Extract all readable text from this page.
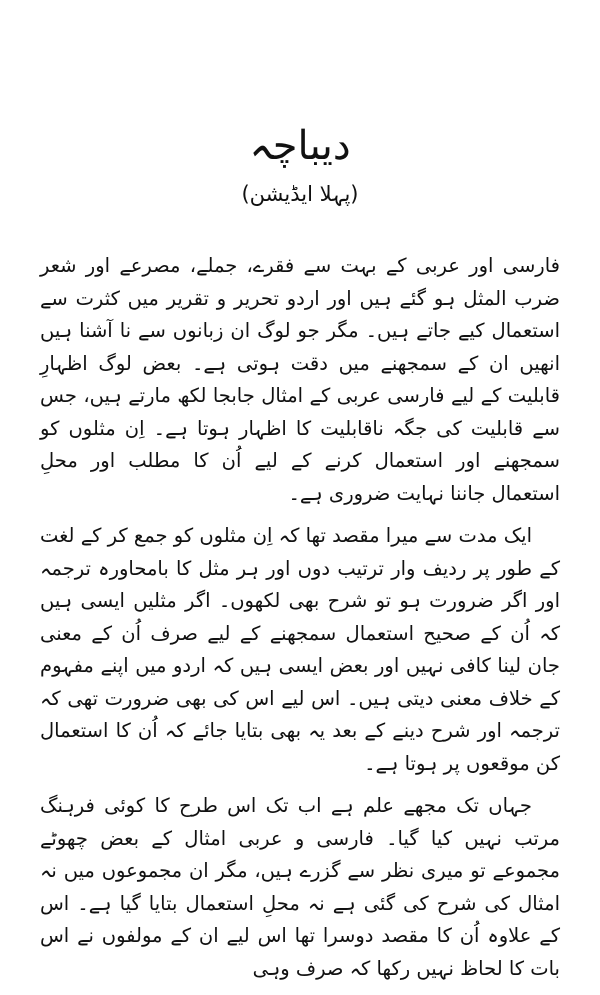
دیباچہ
(پہلا ایڈیشن)

فارسی اور عربی کے بہت سے فقرے، جملے، مصرعے اور شعر ضرب المثل ہو گئے ہیں اور اردو تحریر و تقریر میں کثرت سے استعمال کیے جاتے ہیں۔ مگر جو لوگ ان زبانوں سے نا آشنا ہیں انھیں ان کے سمجھنے میں دقت ہوتی ہے۔ بعض لوگ اظہارِ قابلیت کے لیے فارسی عربی کے امثال جابجا لکھ مارتے ہیں، جس سے قابلیت کی جگہ ناقابلیت کا اظہار ہوتا ہے۔ اِن مثلوں کو سمجھنے اور استعمال کرنے کے لیے اُن کا مطلب اور محلِ استعمال جاننا نہایت ضروری ہے۔

ایک مدت سے میرا مقصد تھا کہ اِن مثلوں کو جمع کر کے لغت کے طور پر ردیف وار ترتیب دوں اور ہر مثل کا بامحاورہ ترجمہ اور اگر ضرورت ہو تو شرح بھی لکھوں۔ اگر مثلیں ایسی ہیں کہ اُن کے صحیح استعمال سمجھنے کے لیے صرف اُن کے معنی جان لینا کافی نہیں اور بعض ایسی ہیں کہ اردو میں اپنے مفہوم کے خلاف معنی دیتی ہیں۔ اس لیے اس کی بھی ضرورت تھی کہ ترجمہ اور شرح دینے کے بعد یہ بھی بتایا جائے کہ اُن کا استعمال کن موقعوں پر ہوتا ہے۔

جہاں تک مجھے علم ہے اب تک اس طرح کا کوئی فرہنگ مرتب نہیں کیا گیا۔ فارسی و عربی امثال کے بعض چھوٹے مجموعے تو میری نظر سے گزرے ہیں، مگر ان مجموعوں میں نہ امثال کی شرح کی گئی ہے نہ محلِ استعمال بتایا گیا ہے۔ اس کے علاوہ اُن کا مقصد دوسرا تھا اس لیے ان کے مولفوں نے اس بات کا لحاظ نہیں رکھا کہ صرف وہی
